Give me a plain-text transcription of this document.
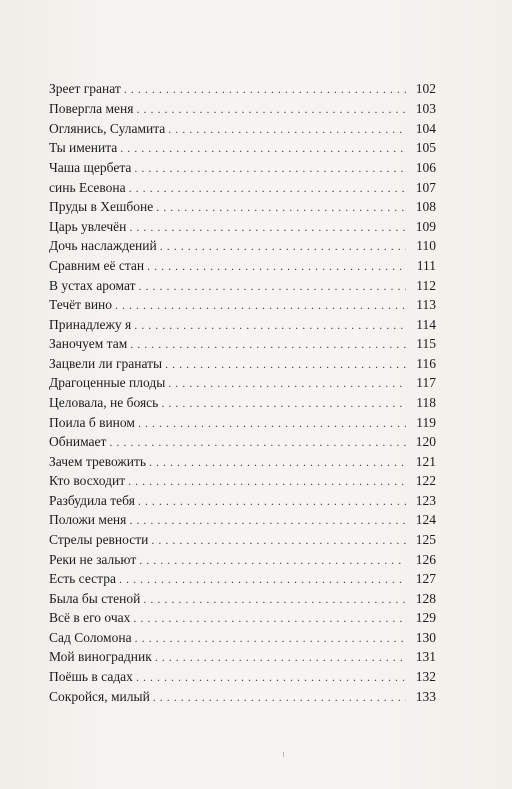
Зреет гранат . . .	102
Повергла меня . . .	103
Оглянись, Суламита . . .	104
Ты именита . . .	105
Чаша щербета . . .	106
синь Есевона . . .	107
Пруды в Хешбоне . . .	108
Царь увлечён . . .	109
Дочь наслаждений . . .	110
Сравним её стан . . .	111
В устах аромат . . .	112
Течёт вино . . .	113
Принадлежу я . . .	114
Заночуем там . . .	115
Зацвели ли гранаты . . .	116
Драгоценные плоды . . .	117
Целовала, не боясь . . .	118
Поила б вином . . .	119
Обнимает . . .	120
Зачем тревожить . . .	121
Кто восходит . . .	122
Разбудила тебя . . .	123
Положи меня . . .	124
Стрелы ревности . . .	125
Реки не зальют . . .	126
Есть сестра . . .	127
Была бы стеной . . .	128
Всё в его очах . . .	129
Сад Соломона . . .	130
Мой виноградник . . .	131
Поёшь в садах . . .	132
Сокройся, милый . . .	133
